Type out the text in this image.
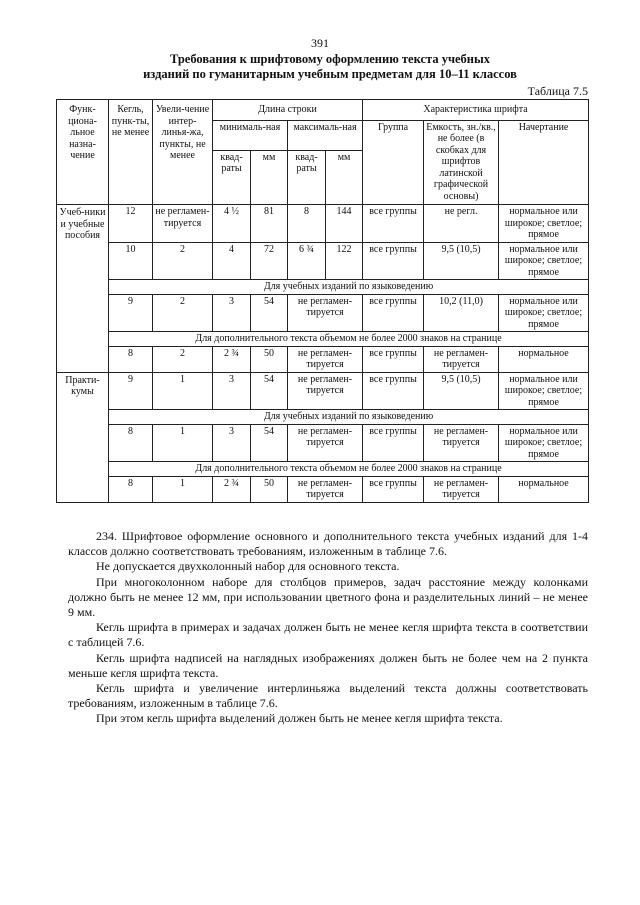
391
Требования к шрифтовому оформлению текста учебных
изданий по гуманитарным учебным предметам для 10–11 классов
Таблица 7.5
Функ-циона-льное назна-чение	Кегль, пунк-ты, не менее	Увели-чение интер-линья-жа, пункты, не менее	Длина строки				Характеристика шрифта		
			минималь-ная		максималь-ная		Группа	Емкость, зн./кв., не более (в скобках для шрифтов латинской графической основы)	Начертание
			квад-раты	мм	квад-раты	мм			
Учеб-ники и учебные пособия	12	не регламен-тируется	4 ½	81	8	144	все группы	не регл.	нормальное или широкое; светлое; прямое
	10	2	4	72	6 ¾	122	все группы	9,5 (10,5)	нормальное или широкое; светлое; прямое
	Для учебных изданий по языковедению								
	9	2	3	54	не регламен-тируется		все группы	10,2 (11,0)	нормальное или широкое; светлое; прямое
	Для дополнительного текста объемом не более 2000 знаков на странице								
	8	2	2 ¾	50	не регламен-тируется		все группы	не регламен-тируется	нормальное
Практи-кумы	9	1	3	54	не регламен-тируется		все группы	9,5 (10,5)	нормальное или широкое; светлое; прямое
	Для учебных изданий по языковедению								
	8	1	3	54	не регламен-тируется		все группы	не регламен-тируется	нормальное или широкое; светлое; прямое
	Для дополнительного текста объемом не более 2000 знаков на странице								
	8	1	2 ¾	50	не регламен-тируется		все группы	не регламен-тируется	нормальное

234. Шрифтовое оформление основного и дополнительного текста учебных изданий для 1-4 классов должно соответствовать требованиям, изложенным в таблице 7.6.

Не допускается двухколонный набор для основного текста.

При многоколонном наборе для столбцов примеров, задач расстояние между колонками должно быть не менее 12 мм, при использовании цветного фона и разделительных линий – не менее 9 мм.

Кегль шрифта в примерах и задачах должен быть не менее кегля шрифта текста в соответствии с таблицей 7.6.

Кегль шрифта надписей на наглядных изображениях должен быть не более чем на 2 пункта меньше кегля шрифта текста.

Кегль шрифта и увеличение интерлиньяжа выделений текста должны соответствовать требованиям, изложенным в таблице 7.6.

При этом кегль шрифта выделений должен быть не менее кегля шрифта текста.
